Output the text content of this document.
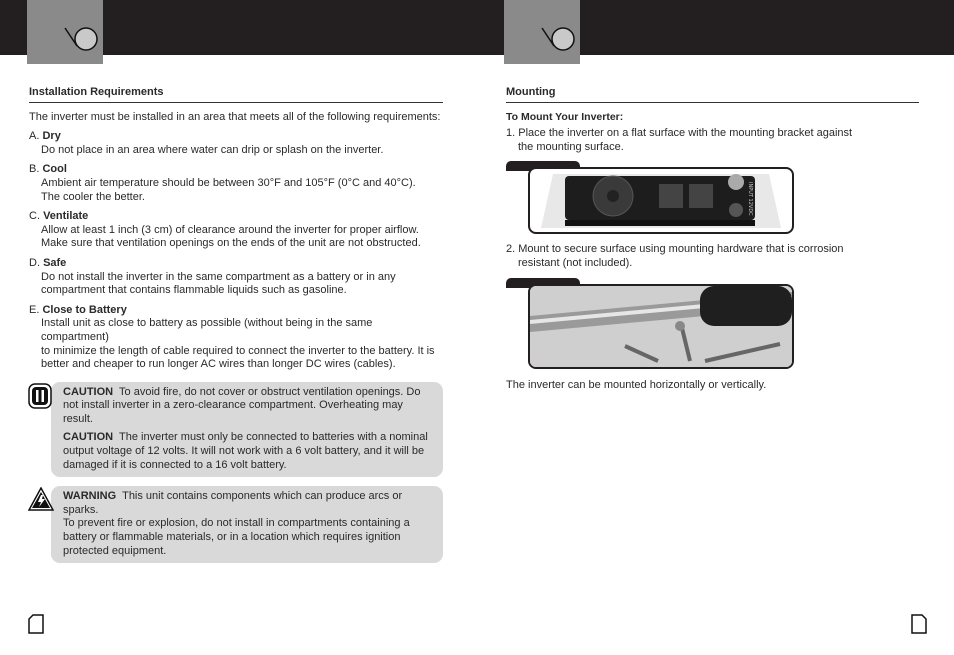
Installation Requirements

The inverter must be installed in an area that meets all of the following requirements:

A. Dry

Do not place in an area where water can drip or splash on the inverter.

B. Cool

Ambient air temperature should be between 30°F and 105°F (0°C and 40°C).

The cooler the better.

C. Ventilate

Allow at least 1 inch (3 cm) of clearance around the inverter for proper airflow.

Make sure that ventilation openings on the ends of the unit are not obstructed.

D. Safe

Do not install the inverter in the same compartment as a battery or in any

compartment that contains flammable liquids such as gasoline.

E. Close to Battery

Install unit as close to battery as possible (without being in the same compartment)

to minimize the length of cable required to connect the inverter to the battery. It is

better and cheaper to run longer AC wires than longer DC wires (cables).

CAUTION To avoid fire, do not cover or obstruct ventilation openings. Do
not install inverter in a zero-clearance compartment. Overheating may result.

CAUTION The inverter must only be connected to batteries with a nominal
output voltage of 12 volts. It will not work with a 6 volt battery, and it will be
damaged if it is connected to a 16 volt battery.

WARNING This unit contains components which can produce arcs or sparks.
To prevent fire or explosion, do not install in compartments containing a
battery or flammable materials, or in a location which requires ignition
protected equipment.

Mounting

To Mount Your Inverter:

1. Place the inverter on a flat surface with the mounting bracket against
the mounting surface.

INPUT 12VDC

2. Mount to secure surface using mounting hardware that is corrosion
resistant (not included).

The inverter can be mounted horizontally or vertically.
